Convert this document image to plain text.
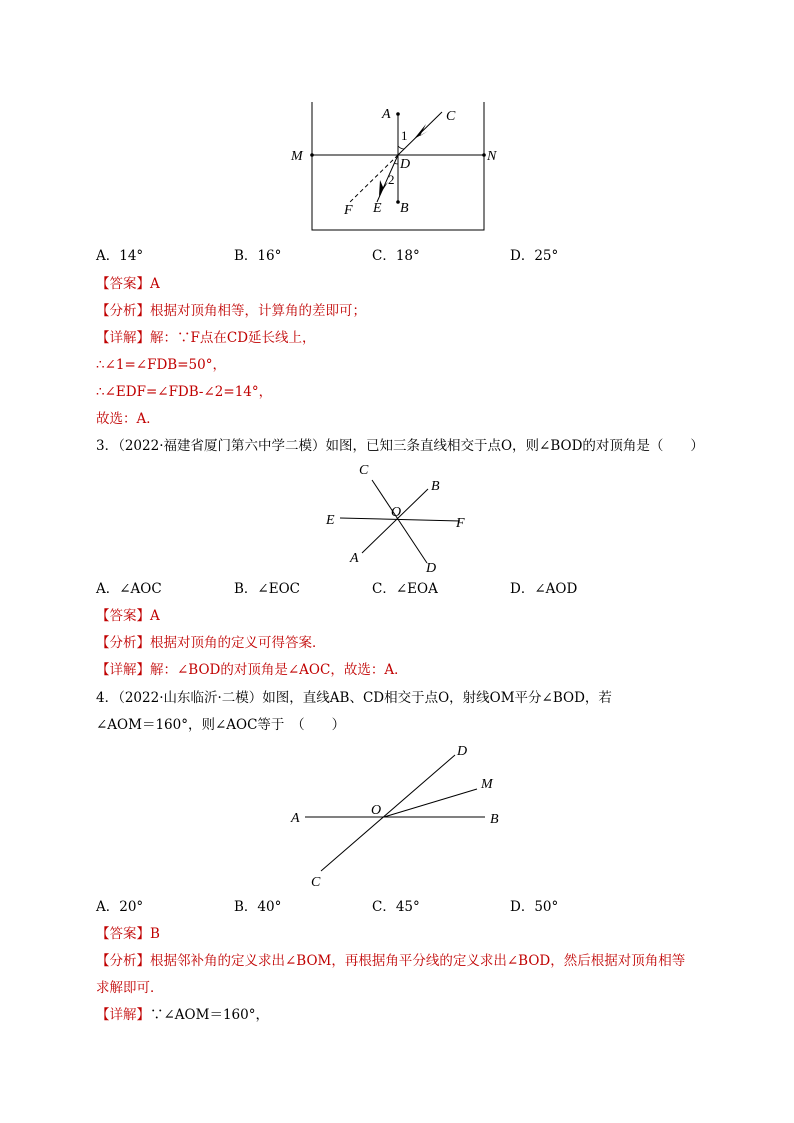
A	C
M	N
D
1
2
F E B
A．14°	B．16°	C．18°	D．25°
【答案】A
【分析】根据对顶角相等，计算角的差即可；
【详解】解：∵F点在CD延长线上，
∴∠1=∠FDB=50°，
∴∠EDF=∠FDB-∠2=14°，
故选：A．
3．（2022·福建省厦门第六中学二模）如图，已知三条直线相交于点O，则∠BOD的对顶角是（　　）
C
B
E
O
F
A
D
A．∠AOC	B．∠EOC	C．∠EOA	D．∠AOD
【答案】A
【分析】根据对顶角的定义可得答案．
【详解】解：∠BOD的对顶角是∠AOC，故选：A．
4．（2022·山东临沂·二模）如图，直线AB、CD相交于点O，射线OM平分∠BOD，若
∠AOM＝160°，则∠AOC等于　（　　）
D
M
O
A	B
C
A．20°	B．40°	C．45°	D．50°
【答案】B
【分析】根据邻补角的定义求出∠BOM，再根据角平分线的定义求出∠BOD，然后根据对顶角相等
求解即可．
【详解】∵∠AOM＝160°，
